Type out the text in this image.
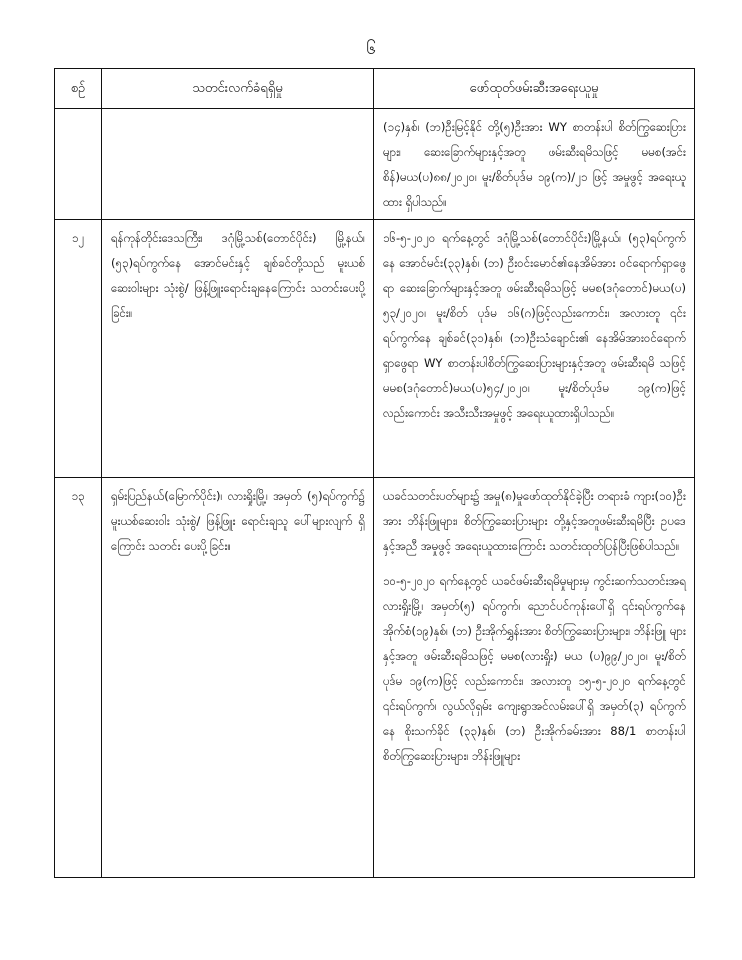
၆
စဉ်	သတင်းလက်ခံရရှိမှု	ဖော်ထုတ်ဖမ်းဆီးအရေးယူမှု

		(၁၄)နှစ်၊ (ဘ)ဦးမြင့်နိုင် တို့(၅)ဦးအား WY စာတန်းပါ စိတ်ကြွဆေးပြားများ၊ ဆေးခြောက်များနှင့်အတူ ဖမ်းဆီးရမိသဖြင့် မမစ(အင်းစိန်)မယ(ပ)၈၈/၂၀၂၀၊ မူး/စိတ်ပုဒ်မ ၁၉(က)/၂၁ ဖြင့် အမှုဖွင့် အရေးယူထား ရှိပါသည်။

၁၂	ရန်ကုန်တိုင်းဒေသကြီး၊ ဒဂုံမြို့သစ်(တောင်ပိုင်း) မြို့နယ်၊ (၅၃)ရပ်ကွက်နေ အောင်မင်းနှင့် ချစ်ခင်တို့သည် မူးယစ်ဆေးဝါးများ သုံးစွဲ/ ဖြန့်ဖြူးရောင်းချနေကြောင်း သတင်းပေးပို့ခြင်း။	၁၆-၅-၂၀၂၀ ရက်နေ့တွင် ဒဂုံမြို့သစ်(တောင်ပိုင်း)မြို့နယ်၊ (၅၃)ရပ်ကွက်နေ အောင်မင်း(၃၃)နှစ်၊ (ဘ) ဦးဝင်းမောင်၏နေအိမ်အား ဝင်ရောက်ရှာဖွေရာ ဆေးခြောက်များနှင့်အတူ ဖမ်းဆီးရမိသဖြင့် မမစ(ဒဂုံတောင်)မယ(ပ) ၅၃/၂၀၂၀၊ မူး/စိတ် ပုဒ်မ ၁၆(ဂ)ဖြင့်လည်းကောင်း၊ အလားတူ ၎င်းရပ်ကွက်နေ ချစ်ခင်(၃၁)နှစ်၊ (ဘ)ဦးသံချောင်း၏ နေအိမ်အားဝင်ရောက်ရှာဖွေရာ WY စာတန်းပါစိတ်ကြွဆေးပြားများနှင့်အတူ ဖမ်းဆီးရမိ သဖြင့် မမစ(ဒဂုံတောင်)မယ(ပ)၅၄/၂၀၂၀၊ မူး/စိတ်ပုဒ်မ ၁၉(က)ဖြင့်လည်းကောင်း အသီးသီးအမှုဖွင့် အရေးယူထားရှိပါသည်။

၁၃	ရှမ်းပြည်နယ်(မြောက်ပိုင်း)၊ လားရှိုးမြို့၊ အမှတ် (၅)ရပ်ကွက်၌ မူးယစ်ဆေးဝါး သုံးစွဲ/ ဖြန့်ဖြူး ရောင်းချသူ ပေါ်များလျက် ရှိကြောင်း သတင်း ပေးပို့ခြင်း။	ယခင်သတင်းပတ်များ၌ အမှု(၈)မှုဖော်ထုတ်နိုင်ခဲ့ပြီး တရားခံ ကျား(၁၀)ဦးအား ဘိန်းဖြူများ၊ စိတ်ကြွဆေးပြားများ တို့နှင့်အတူဖမ်းဆီးရမိပြီး ဥပဒေနှင့်အညီ အမှုဖွင့် အရေးယူထားကြောင်း သတင်းထုတ်ပြန်ပြီးဖြစ်ပါသည်။
၁၀-၅-၂၀၂၀ ရက်နေ့တွင် ယခင်ဖမ်းဆီးရမိမှုများမှ ကွင်းဆက်သတင်းအရ လားရှိုးမြို့၊ အမှတ်(၅) ရပ်ကွက်၊ ညောင်ပင်ကုန်းပေါ်ရှိ ၎င်းရပ်ကွက်နေ အိုက်စံ(၁၉)နှစ်၊ (ဘ) ဦးအိုက်ရွှန်းအား စိတ်ကြွဆေးပြားများ၊ ဘိန်းဖြူ များနှင့်အတူ ဖမ်းဆီးရမိသဖြင့် မမစ(လားရှိုး) မယ (ပ)၉၉/၂၀၂၀၊ မူး/စိတ်ပုဒ်မ ၁၉(က)ဖြင့် လည်းကောင်း၊ အလားတူ ၁၅-၅-၂၀၂၀ ရက်နေ့တွင် ၎င်းရပ်ကွက်၊ လွယ်လိုရှမ်း ကျေးရွာအင်လမ်းပေါ်ရှိ အမှတ်(၃) ရပ်ကွက်နေ စိုးသက်ခိုင် (၃၃)နှစ်၊ (ဘ) ဦးအိုက်ခမ်းအား 88/1 စာတန်းပါ စိတ်ကြွဆေးပြားများ၊ ဘိန်းဖြူများ
